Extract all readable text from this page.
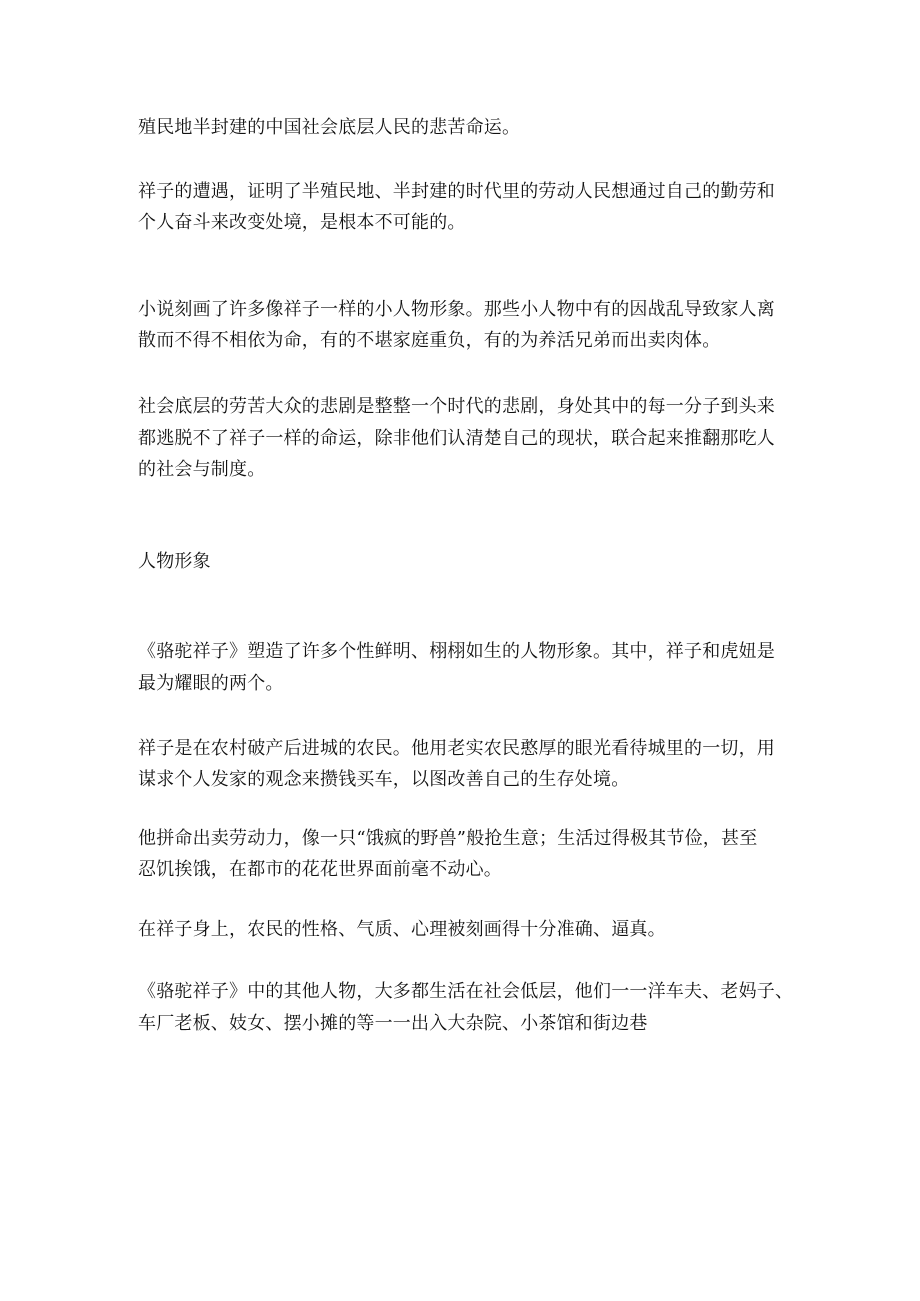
殖民地半封建的中国社会底层人民的悲苦命运。
祥子的遭遇，证明了半殖民地、半封建的时代里的劳动人民想通过自己的勤劳和
个人奋斗来改变处境，是根本不可能的。
小说刻画了许多像祥子一样的小人物形象。那些小人物中有的因战乱导致家人离
散而不得不相依为命，有的不堪家庭重负，有的为养活兄弟而出卖肉体。
社会底层的劳苦大众的悲剧是整整一个时代的悲剧，身处其中的每一分子到头来
都逃脱不了祥子一样的命运，除非他们认清楚自己的现状，联合起来推翻那吃人
的社会与制度。
人物形象
《骆驼祥子》塑造了许多个性鲜明、栩栩如生的人物形象。其中，祥子和虎妞是
最为耀眼的两个。
祥子是在农村破产后进城的农民。他用老实农民憨厚的眼光看待城里的一切，用
谋求个人发家的观念来攒钱买车，以图改善自己的生存处境。
他拼命出卖劳动力，像一只“饿疯的野兽”般抢生意；生活过得极其节俭，甚至
忍饥挨饿，在都市的花花世界面前毫不动心。
在祥子身上，农民的性格、气质、心理被刻画得十分准确、逼真。
《骆驼祥子》中的其他人物，大多都生活在社会低层，他们一一洋车夫、老妈子、
车厂老板、妓女、摆小摊的等一一出入大杂院、小茶馆和街边巷
